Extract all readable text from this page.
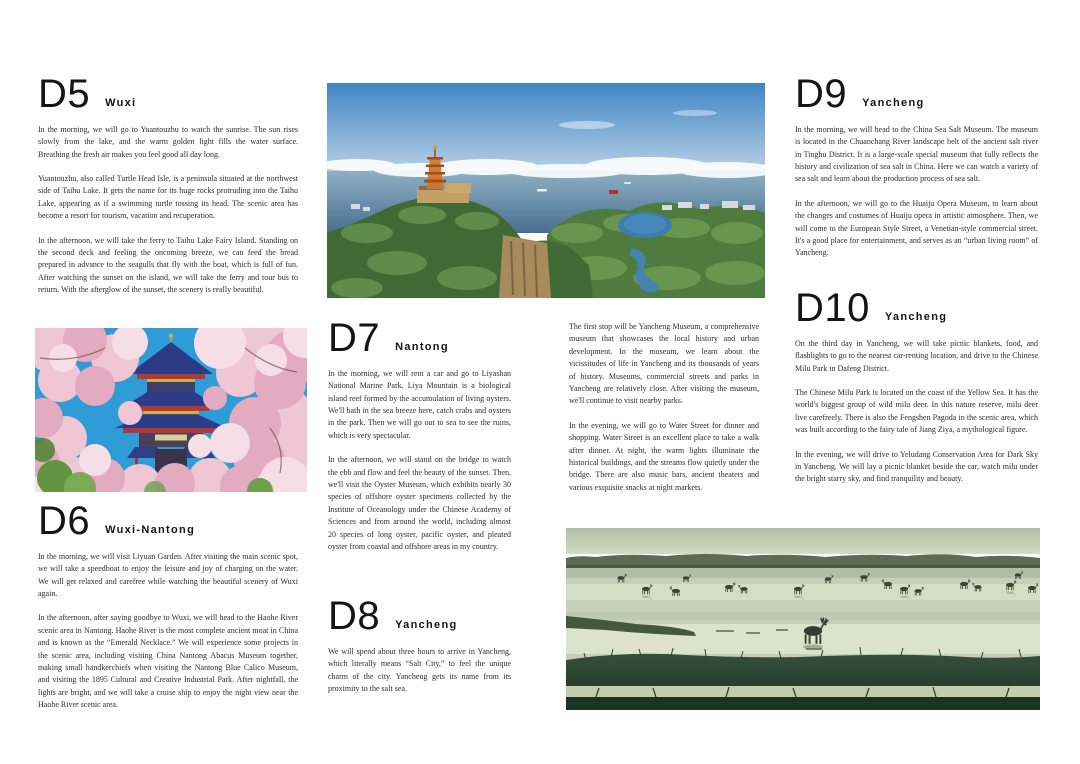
D5 Wuxi

In the morning, we will go to Yuantouzhu to watch the sunrise. The sun rises slowly from the lake, and the warm golden light fills the water surface. Breathing the fresh air makes you feel good all day long.

Yuantouzhu, also called Turtle Head Isle, is a peninsula situated at the northwest side of Taihu Lake. It gets the name for its huge rocks protruding into the Taihu Lake, appearing as if a swimming turtle tossing its head. The scenic area has become a resort for tourism, vacation and recuperation.

In the afternoon, we will take the ferry to Taihu Lake Fairy Island. Standing on the second deck and feeling the oncoming breeze, we can feed the bread prepared in advance to the seagulls that fly with the boat, which is full of fun. After watching the sunset on the island, we will take the ferry and tour bus to return. With the afterglow of the sunset, the scenery is really beautiful.

D6 Wuxi-Nantong

In the morning, we will visit Liyuan Garden. After visiting the main scenic spot, we will take a speedboat to enjoy the leisure and joy of charging on the water. We will get relaxed and carefree while watching the beautiful scenery of Wuxi again.

In the afternoon, after saying goodbye to Wuxi, we will head to the Haohe River scenic area in Nantong. Haohe River is the most complete ancient moat in China and is known as the “Emerald Necklace.” We will experience some projects in the scenic area, including visiting China Nantong Abacus Museum together, making small handkerchiefs when visiting the Nantong Blue Calico Museum, and visiting the 1895 Cultural and Creative Industrial Park. After nightfall, the lights are bright, and we will take a cruise ship to enjoy the night view near the Haohe River scenic area.

D7 Nantong

In the morning, we will rent a car and go to Liyashan National Marine Park. Liya Mountain is a biological island reef formed by the accumulation of living oysters. We'll bath in the sea breeze here, catch crabs and oysters in the park. Then we will go out to sea to see the ruins, which is very spectacular.

In the afternoon, we will stand on the bridge to watch the ebb and flow and feel the beauty of the sunset. Then, we'll visit the Oyster Museum, which exhibits nearly 30 species of offshore oyster specimens collected by the Institute of Oceanology under the Chinese Academy of Sciences and from around the world, including almost 20 species of long oyster, pacific oyster, and pleated oyster from coastal and offshore areas in my country.

D8 Yancheng

We will spend about three hours to arrive in Yancheng, which literally means “Salt City,” to feel the unique charm of the city. Yancheng gets its name from its proximity to the salt sea.

The first stop will be Yancheng Museum, a comprehensive museum that showcases the local history and urban development. In the museum, we learn about the vicissitudes of life in Yancheng and its thousands of years of history. Museums, commercial streets and parks in Yancheng are relatively close. After visiting the museum, we'll continue to visit nearby parks.

In the evening, we will go to Water Street for dinner and shopping. Water Street is an excellent place to take a walk after dinner. At night, the warm lights illuminate the historical buildings, and the streams flow quietly under the bridge. There are also music bars, ancient theaters and various exquisite snacks at night markets.

D9 Yancheng

In the morning, we will head to the China Sea Salt Museum. The museum is located in the Chuanchang River landscape belt of the ancient salt river in Tinghu District. It is a large-scale special museum that fully reflects the history and civilization of sea salt in China. Here we can watch a variety of sea salt and learn about the production process of sea salt.

In the afternoon, we will go to the Huaiju Opera Museum, to learn about the changes and costumes of Huaiju opera in artistic atmosphere. Then, we will come to the European Style Street, a Venetian-style commercial street. It's a good place for entertainment, and serves as an “urban living room” of Yancheng.

D10 Yancheng

On the third day in Yancheng, we will take picnic blankets, food, and flashlights to go to the nearest car-renting location, and drive to the Chinese Milu Park in Dafeng District.

The Chinese Milu Park is located on the coast of the Yellow Sea. It has the world's biggest group of wild milu deer. In this nature reserve, milu deer live carefreely. There is also the Fengshen Pagoda in the scenic area, which was built according to the fairy tale of Jiang Ziya, a mythological figure.

In the evening, we will drive to Yeludang Conservation Area for Dark Sky in Yancheng. We will lay a picnic blanket beside the car, watch milu under the bright starry sky, and find tranquility and beauty.
